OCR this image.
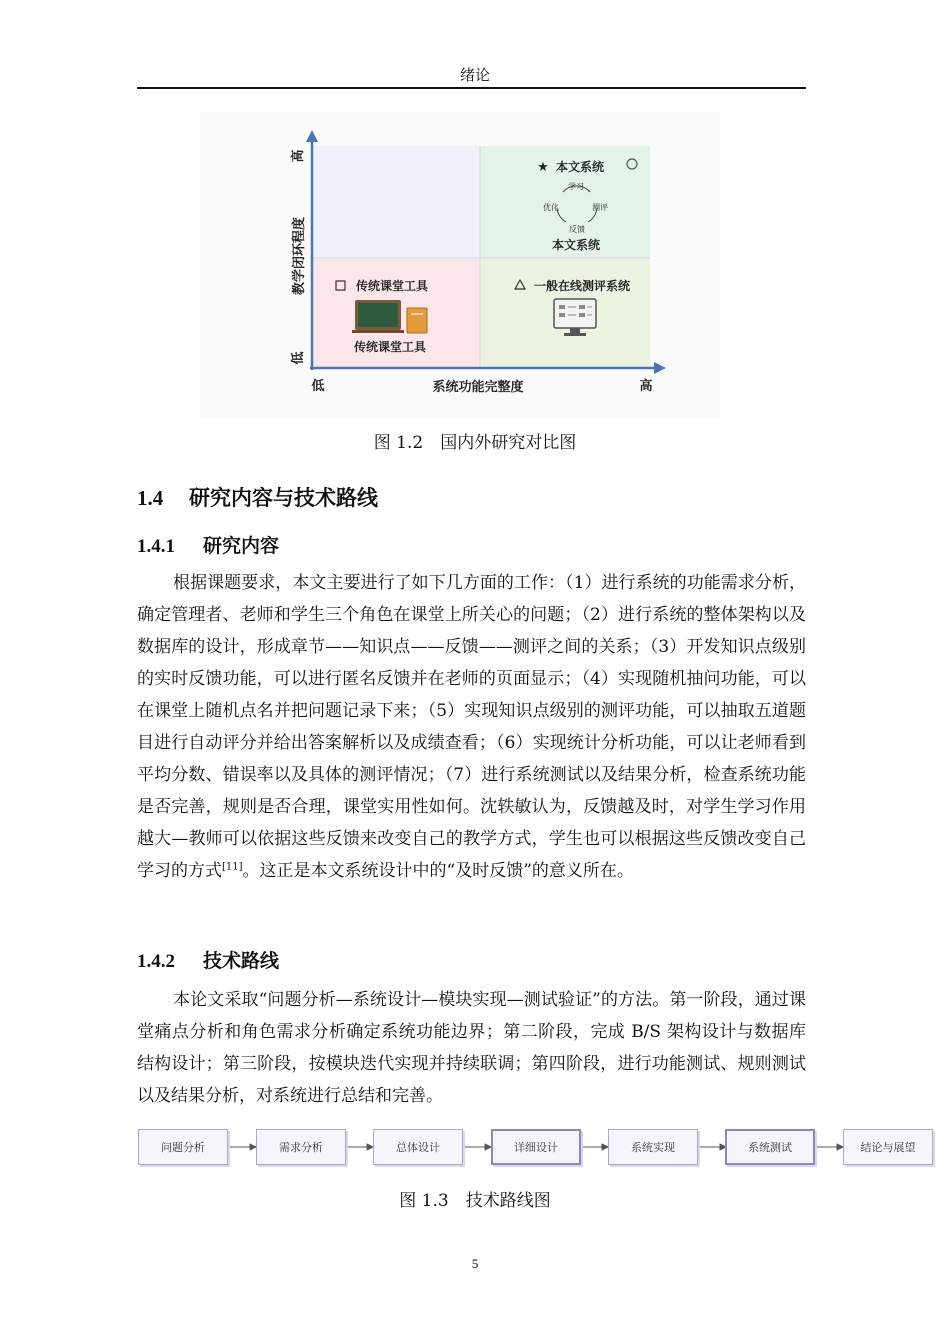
绪论
高
教学闭环程度
低
低	系统功能完整度	高
★ 本文系统
学习
测评
反馈
优化
本文系统
传统课堂工具
传统课堂工具
一般在线测评系统
图 1.2　国内外研究对比图
1.4 研究内容与技术路线
1.4.1 研究内容
根据课题要求，本文主要进行了如下几方面的工作：（1）进行系统的功能需求分析，确定管理者、老师和学生三个角色在课堂上所关心的问题；（2）进行系统的整体架构以及数据库的设计，形成章节——知识点——反馈——测评之间的关系；（3）开发知识点级别的实时反馈功能，可以进行匿名反馈并在老师的页面显示；（4）实现随机抽问功能，可以在课堂上随机点名并把问题记录下来；（5）实现知识点级别的测评功能，可以抽取五道题目进行自动评分并给出答案解析以及成绩查看；（6）实现统计分析功能，可以让老师看到平均分数、错误率以及具体的测评情况；（7）进行系统测试以及结果分析，检查系统功能是否完善，规则是否合理，课堂实用性如何。沈轶敏认为，反馈越及时，对学生学习作用越大—教师可以依据这些反馈来改变自己的教学方式，学生也可以根据这些反馈改变自己学习的方式[11]。这正是本文系统设计中的“及时反馈”的意义所在。
1.4.2 技术路线
本论文采取“问题分析—系统设计—模块实现—测试验证”的方法。第一阶段，通过课堂痛点分析和角色需求分析确定系统功能边界；第二阶段，完成 B/S 架构设计与数据库结构设计；第三阶段，按模块迭代实现并持续联调；第四阶段，进行功能测试、规则测试以及结果分析，对系统进行总结和完善。
问题分析	需求分析	总体设计	详细设计	系统实现	系统测试	结论与展望
图 1.3　技术路线图
5
